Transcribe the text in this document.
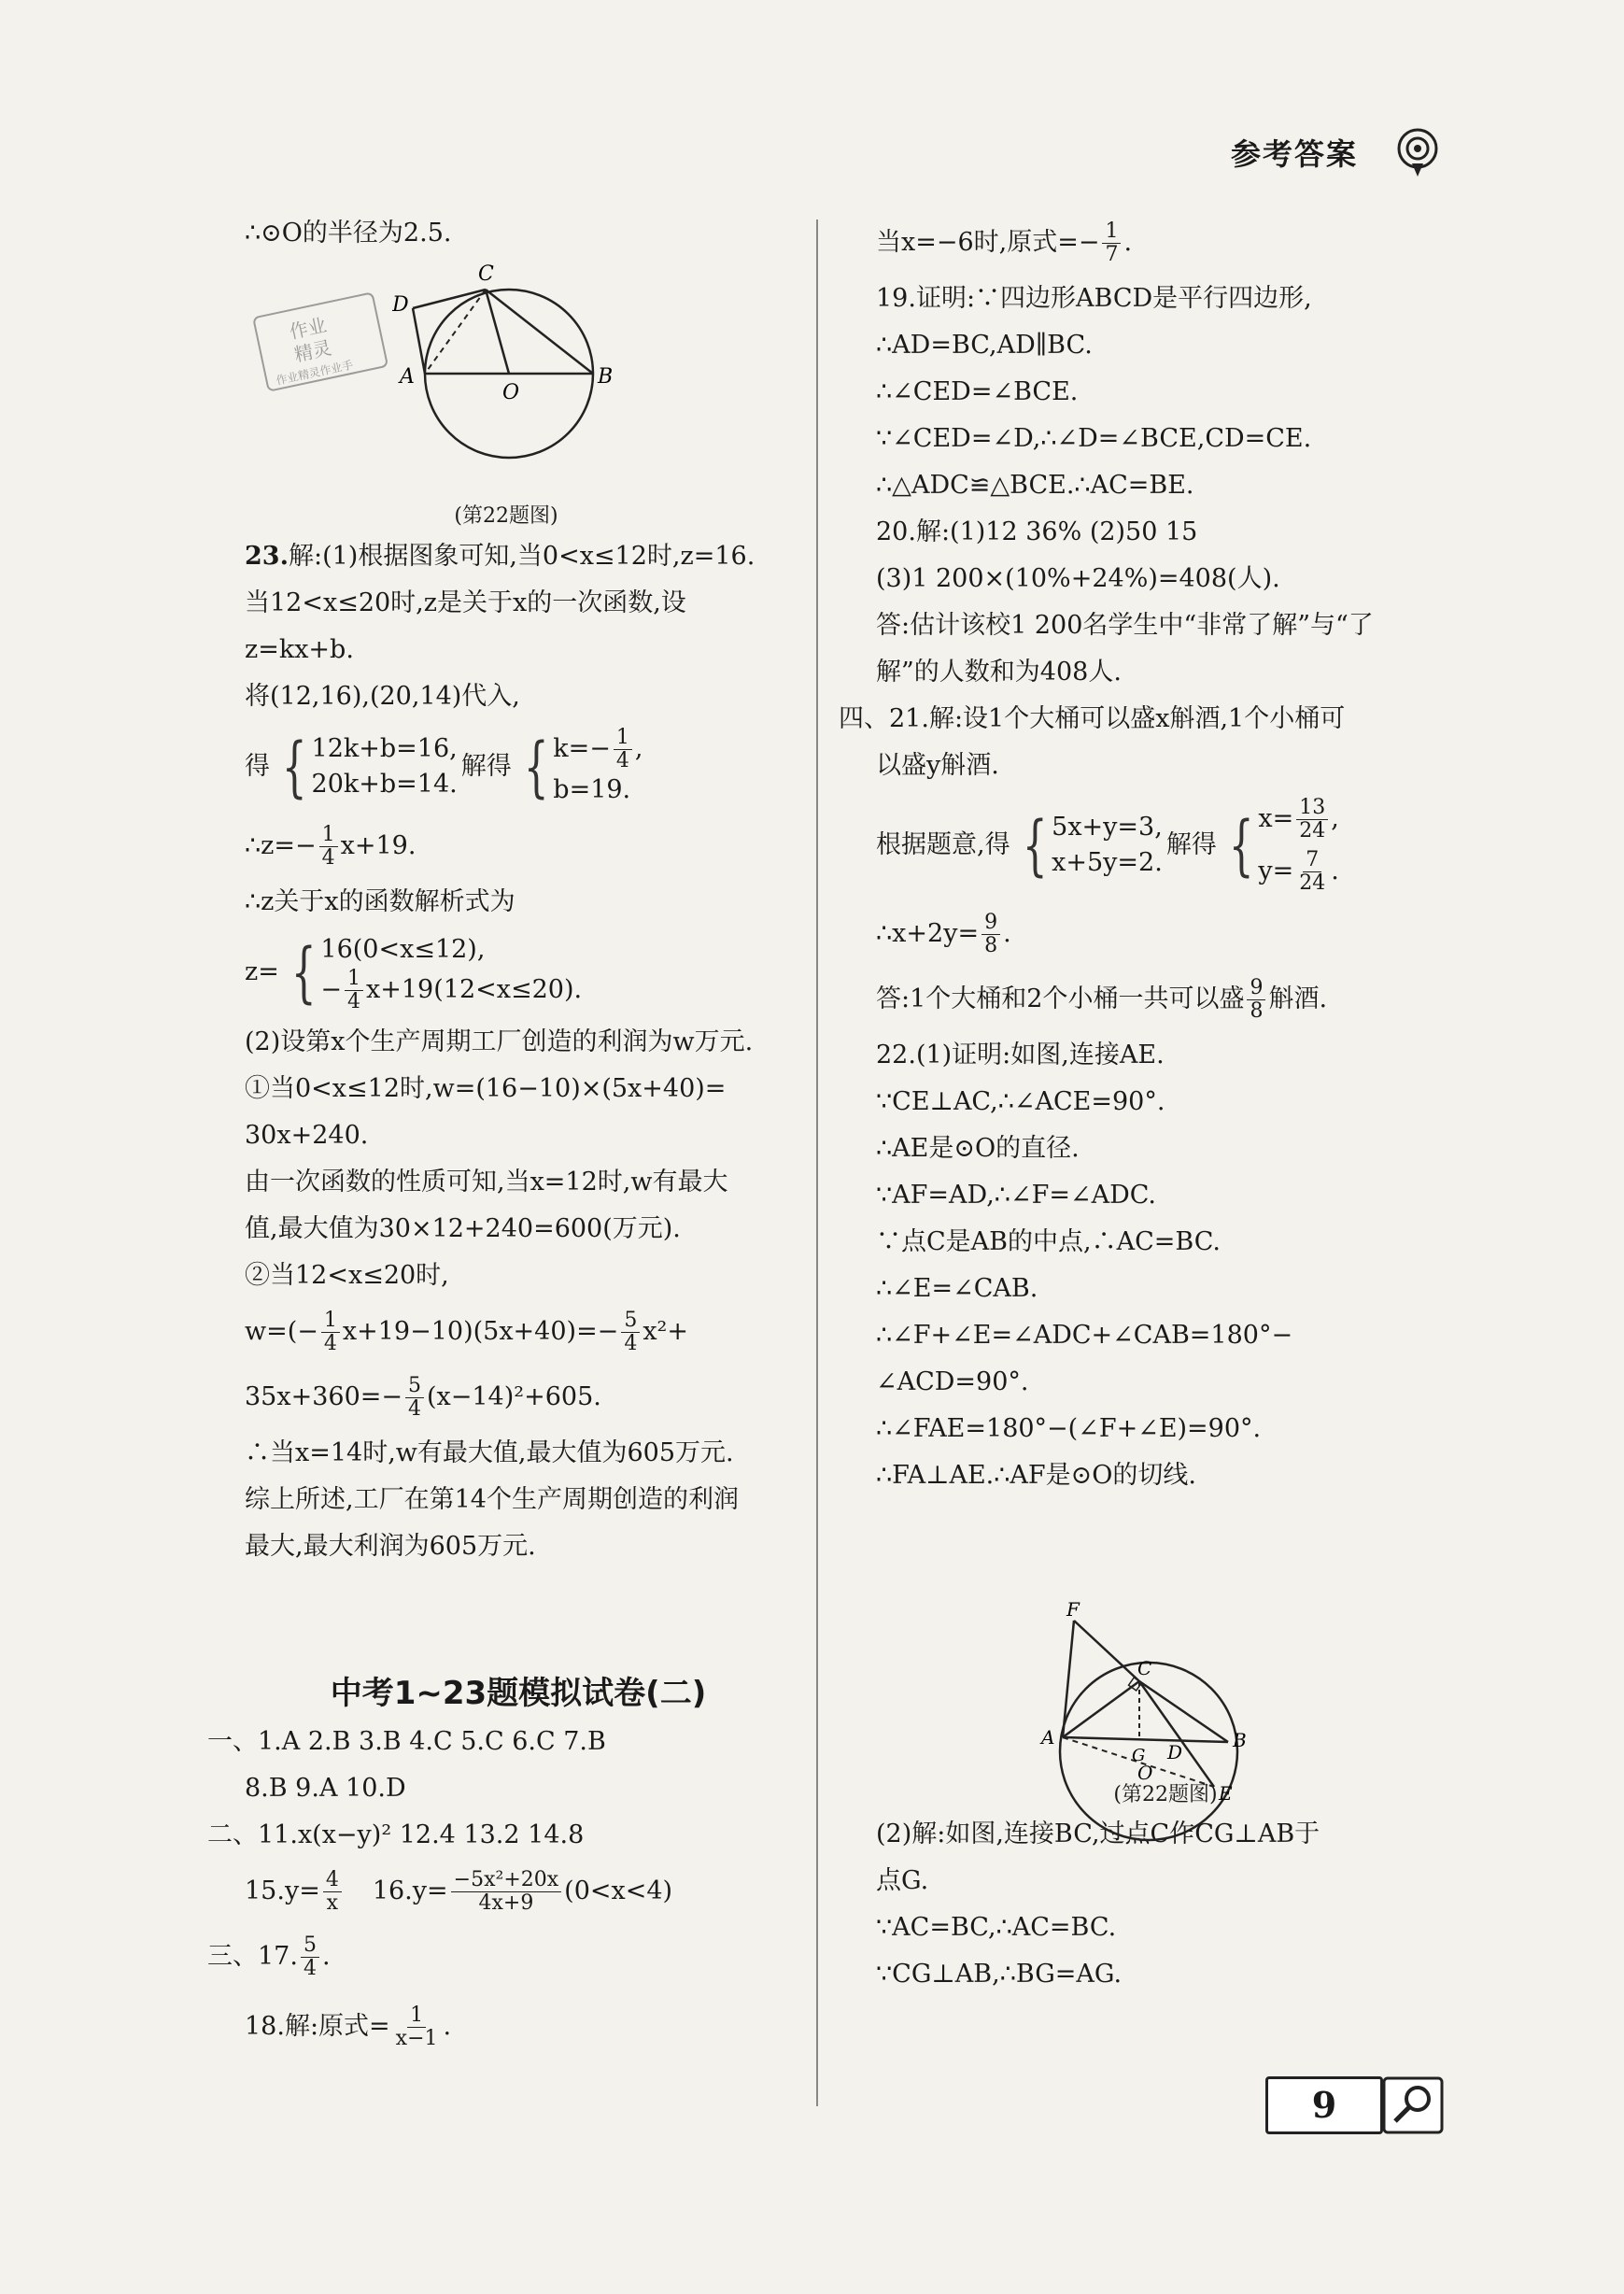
参考答案
∴⊙O的半径为2.5.
(第22题图)
23. 解:(1)根据图象可知,当0<x≤12时,z=16.
当12<x≤20时,z是关于x的一次函数,设
z=kx+b.
将(12,16),(20,14)代入,
得 { 12k+b=16,
20k+b=14.
解得 { $k=- \frac{1}{4}$ ,
b=19.
∴z=− $\frac{1}{4} x+19$.
∴z关于x的函数解析式为
z= { 16(0<x≤12),
− $\frac{1}{4} x+19(12<x\le 20)$.
(2)设第x个生产周期工厂创造的利润为w万元.
①当0<x≤12时,w=(16−10)×(5x+40)=
30x+240.
由一次函数的性质可知,当x=12时,w有最大
值,最大值为30×12+240=600(万元).
②当12<x≤20时,
$w=(- \frac{1}{4} x+19-10)(5x+40)=- \frac{5}{4} x^2+$
$35x+360=- \frac{5}{4} (x-14)^2+605$.
∴当x=14时,w有最大值,最大值为605万元.
综上所述,工厂在第14个生产周期创造的利润
最大,最大利润为605万元.
中考1~23题模拟试卷(二)
一、1.A 2.B 3.B 4.C 5.C 6.C 7.B
8.B 9.A 10.D
二、11.x(x−y)² 12.4 13.2 14.8
$15.y= \frac{4}{x} 16.y= \frac{\text{−5x²+20x}}{4x+9} (0<x<4)$
三、17. $\frac{5}{4}$ .
18.解:原式= $\frac{1}{x-1}$ .
C
D
A
O
B
作业
精灵
作业精灵作业手
当x=−6时,原式=− $\frac{1}{7}$ .
19.证明:∵四边形ABCD是平行四边形,
∴AD=BC,AD∥BC.
∴∠CED=∠BCE.
∵∠CED=∠D,∴∠D=∠BCE,CD=CE.
∴△ADC≌△BCE.∴AC=BE.
20.解:(1)12 36% (2)50 15
(3)1 200×(10%+24%)=408(人).
答:估计该校1 200名学生中“非常了解”与“了
解”的人数和为408人.
四、21.解:设1个大桶可以盛x斛酒,1个小桶可
以盛y斛酒.
根据题意,得 { 5x+y=3,
x+5y=2.
解得 { $x= \frac{13}{24}$ ,
$y= \frac{7}{24}$ .
∴x+2y= $\frac{9}{8}$ .
答:1个大桶和2个小桶一共可以盛 $\frac{9}{8}$ 斛酒.
22.(1)证明:如图,连接AE.
∵CE⊥AC,∴∠ACE=90°.
∴AE是⊙O的直径.
∵AF=AD,∴∠F=∠ADC.
∵点C是AB的中点,∴AC=BC.
∴∠E=∠CAB.
∴∠F+∠E=∠ADC+∠CAB=180°−
∠ACD=90°.
∴∠FAE=180°−(∠F+∠E)=90°.
∴FA⊥AE.∴AF是⊙O的切线.
(第22题图)
(2)解:如图,连接BC,过点C作CG⊥AB于
点G.
∵AC=BC,∴AC=BC.
∵CG⊥AB,∴BG=AG.
F
C
A
G D
B
O
E
9
